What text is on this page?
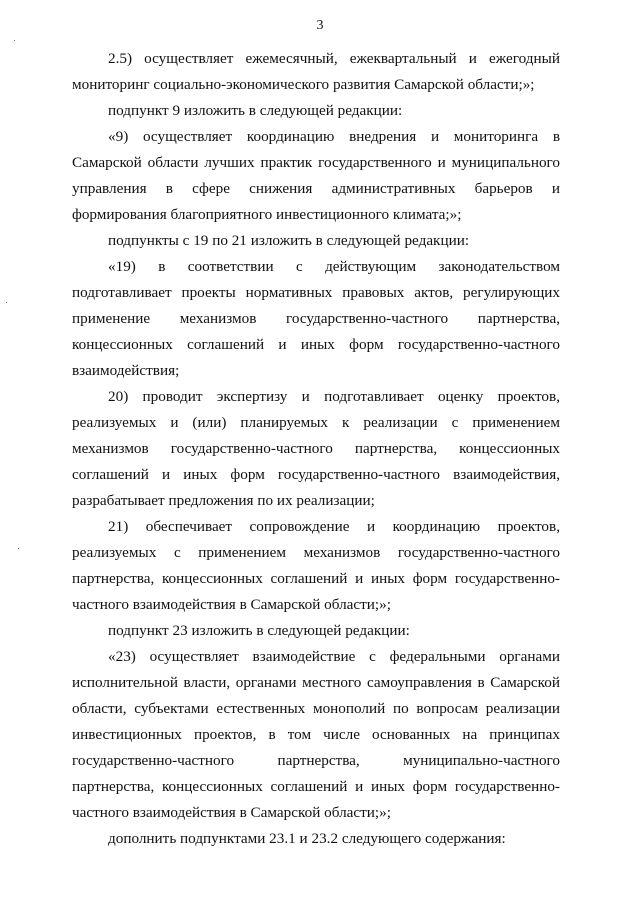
3
2.5) осуществляет ежемесячный, ежеквартальный и ежегодный
мониторинг социально-экономического развития Самарской области;»;
подпункт 9 изложить в следующей редакции:
«9) осуществляет координацию внедрения и мониторинга в
Самарской области лучших практик государственного и муниципального
управления в сфере снижения административных барьеров и
формирования благоприятного инвестиционного климата;»;
подпункты с 19 по 21 изложить в следующей редакции:
«19) в соответствии с действующим законодательством
подготавливает проекты нормативных правовых актов, регулирующих
применение механизмов государственно-частного партнерства,
концессионных соглашений и иных форм государственно-частного
взаимодействия;
20) проводит экспертизу и подготавливает оценку проектов,
реализуемых и (или) планируемых к реализации с применением
механизмов государственно-частного партнерства, концессионных
соглашений и иных форм государственно-частного взаимодействия,
разрабатывает предложения по их реализации;
21) обеспечивает сопровождение и координацию проектов,
реализуемых с применением механизмов государственно-частного
партнерства, концессионных соглашений и иных форм государственно-
частного взаимодействия в Самарской области;»;
подпункт 23 изложить в следующей редакции:
«23) осуществляет взаимодействие с федеральными органами
исполнительной власти, органами местного самоуправления в Самарской
области, субъектами естественных монополий по вопросам реализации
инвестиционных проектов, в том числе основанных на принципах
государственно-частного партнерства, муниципально-частного
партнерства, концессионных соглашений и иных форм государственно-
частного взаимодействия в Самарской области;»;
дополнить подпунктами 23.1 и 23.2 следующего содержания:
